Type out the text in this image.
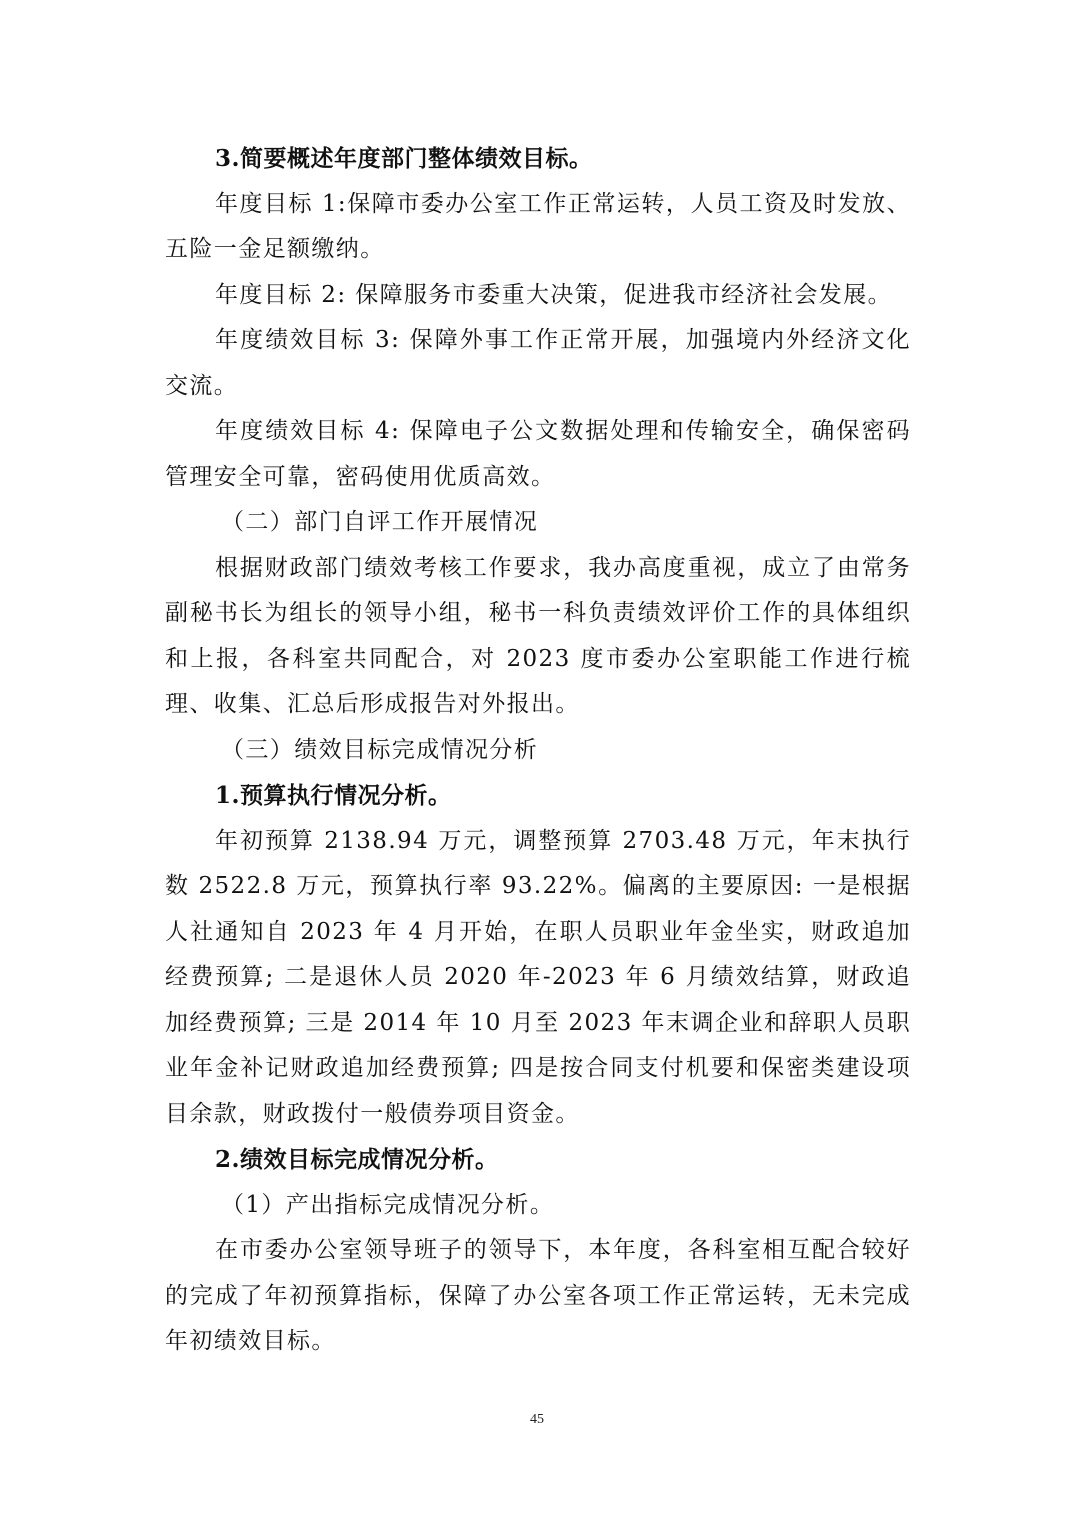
3.简要概述年度部门整体绩效目标。

年度目标 1:保障市委办公室工作正常运转，人员工资及时发放、五险一金足额缴纳。

年度目标 2: 保障服务市委重大决策，促进我市经济社会发展。

年度绩效目标 3: 保障外事工作正常开展，加强境内外经济文化交流。

年度绩效目标 4: 保障电子公文数据处理和传输安全，确保密码管理安全可靠，密码使用优质高效。

（二）部门自评工作开展情况

根据财政部门绩效考核工作要求，我办高度重视，成立了由常务副秘书长为组长的领导小组，秘书一科负责绩效评价工作的具体组织和上报，各科室共同配合，对 2023 度市委办公室职能工作进行梳理、收集、汇总后形成报告对外报出。

（三）绩效目标完成情况分析

1.预算执行情况分析。

年初预算 2138.94 万元，调整预算 2703.48 万元，年末执行数 2522.8 万元，预算执行率 93.22%。偏离的主要原因: 一是根据人社通知自 2023 年 4 月开始，在职人员职业年金坐实，财政追加经费预算; 二是退休人员 2020 年-2023 年 6 月绩效结算，财政追加经费预算; 三是 2014 年 10 月至 2023 年末调企业和辞职人员职业年金补记财政追加经费预算; 四是按合同支付机要和保密类建设项目余款，财政拨付一般债券项目资金。

2.绩效目标完成情况分析。

（1）产出指标完成情况分析。

在市委办公室领导班子的领导下，本年度，各科室相互配合较好的完成了年初预算指标，保障了办公室各项工作正常运转，无未完成年初绩效目标。

45
